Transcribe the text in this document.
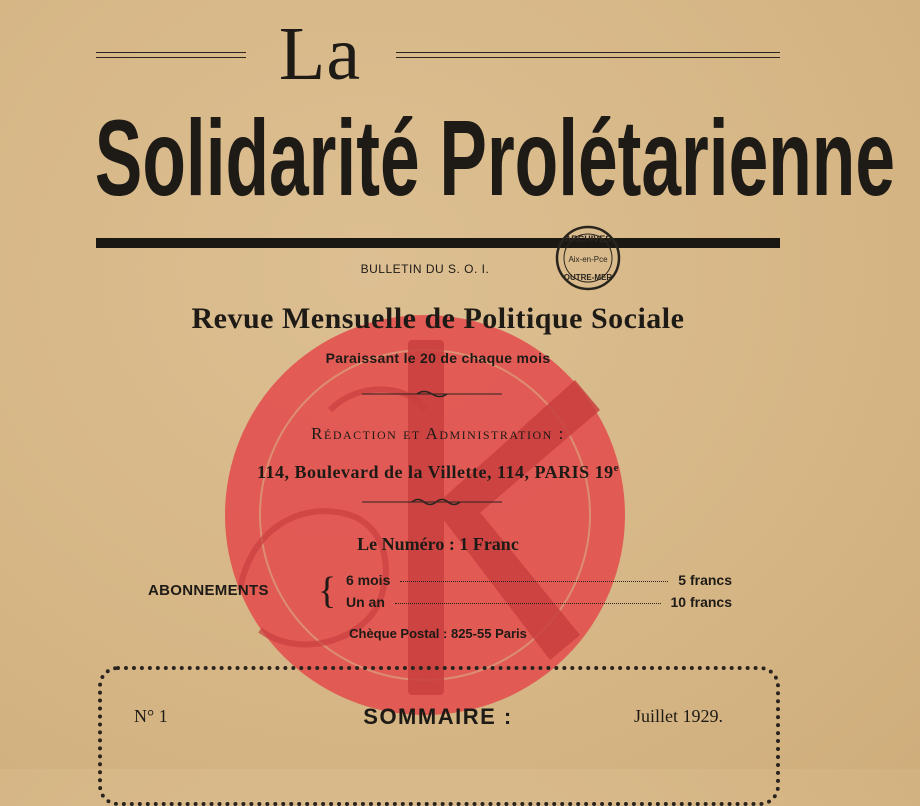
La
Solidarité Prolétarienne
ARCHIVES
Aix-en-Pce
OUTRE-MER
BULLETIN DU S. O. I.
Revue Mensuelle de Politique Sociale
Paraissant le 20 de chaque mois
Rédaction et Administration :
114, Boulevard de la Villette, 114, PARIS 19e
Le Numéro : 1 Franc
ABONNEMENTS { 6 mois	5 francs
Un an	10 francs
Chèque Postal : 825-55 Paris
N° 1	SOMMAIRE :	Juillet 1929.
